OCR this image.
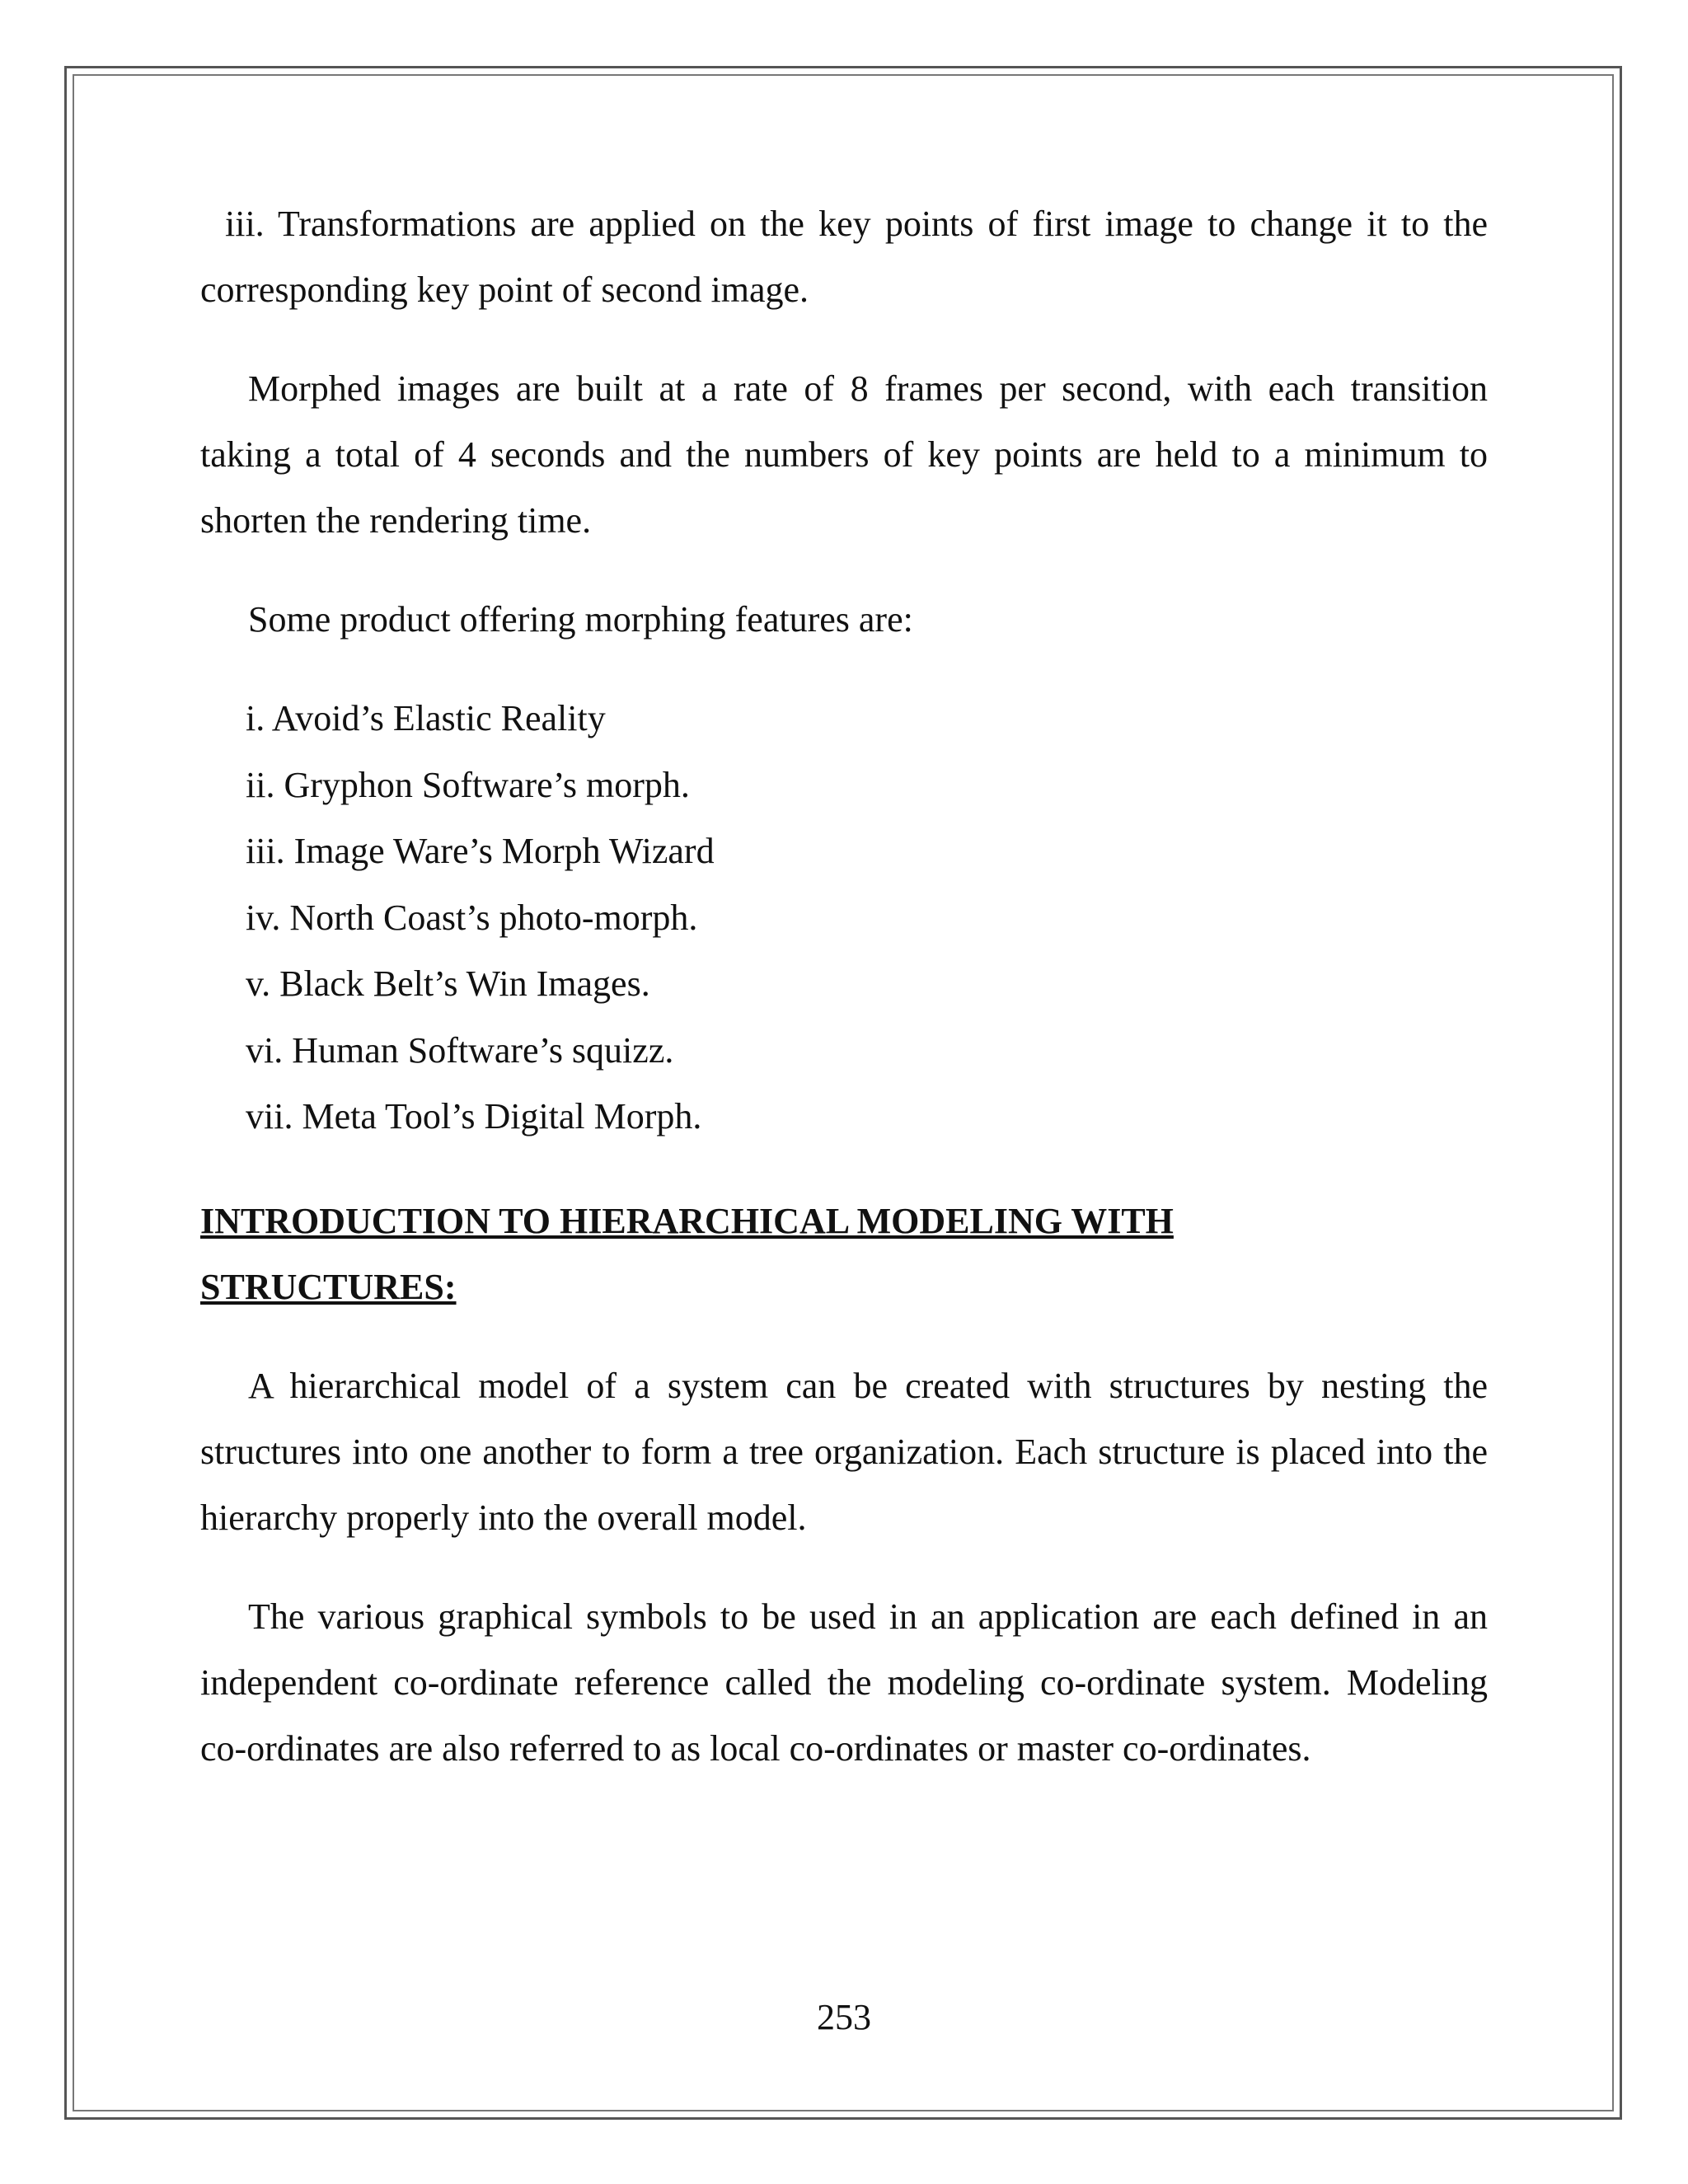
iii. Transformations are applied on the key points of first image to change it to the corresponding key point of second image.

Morphed images are built at a rate of 8 frames per second, with each transition taking a total of 4 seconds and the numbers of key points are held to a minimum to shorten the rendering time.

Some product offering morphing features are:

i. Avoid’s Elastic Reality

ii. Gryphon Software’s morph.

iii. Image Ware’s Morph Wizard

iv. North Coast’s photo-morph.

v. Black Belt’s Win Images.

vi. Human Software’s squizz.

vii. Meta Tool’s Digital Morph.

INTRODUCTION TO HIERARCHICAL MODELING WITH STRUCTURES:

A hierarchical model of a system can be created with structures by nesting the structures into one another to form a tree organization. Each structure is placed into the hierarchy properly into the overall model.

The various graphical symbols to be used in an application are each defined in an independent co-ordinate reference called the modeling co-ordinate system. Modeling co-ordinates are also referred to as local co-ordinates or master co-ordinates.

253
